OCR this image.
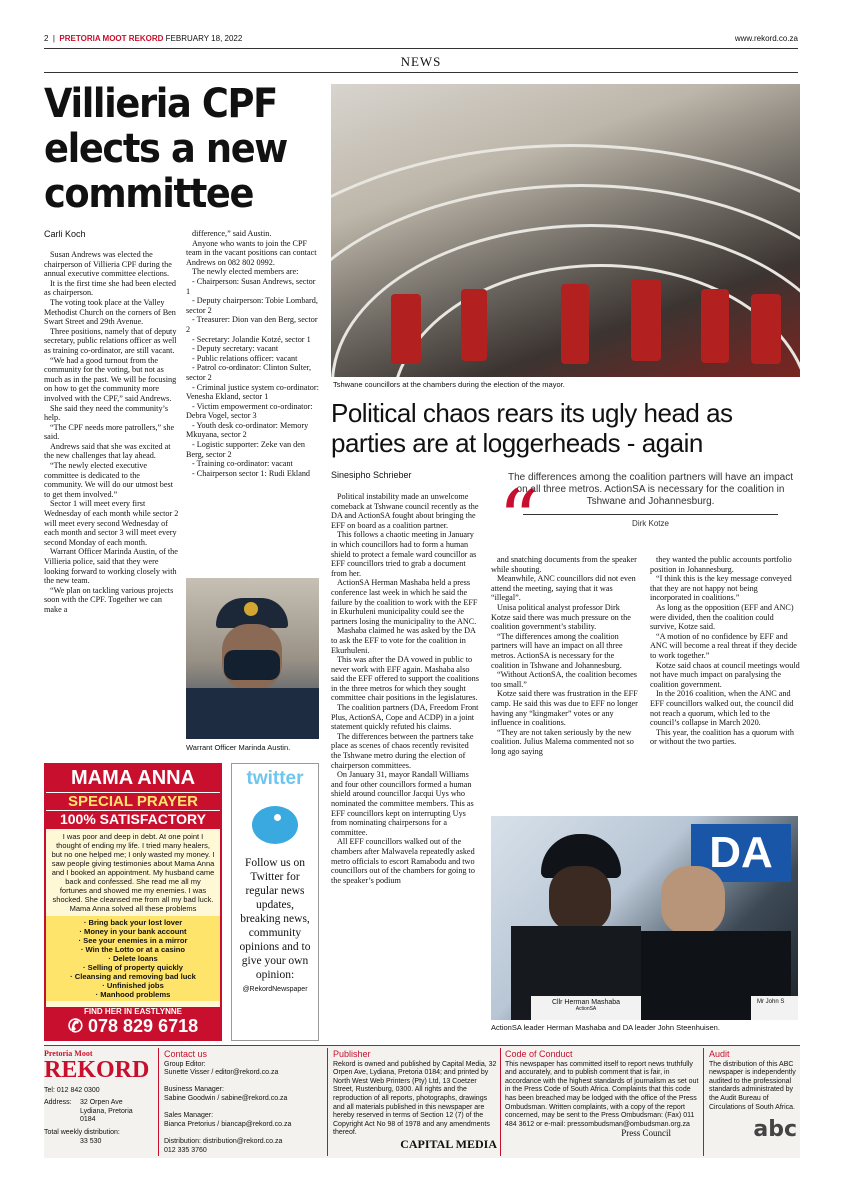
2  |  PRETORIA MOOT REKORD FEBRUARY 18, 2022	www.rekord.co.za
NEWS
Villieria CPF elects a new committee
Carli Koch

Susan Andrews was elected the chairperson of Villieria CPF during the annual executive committee elections.

It is the first time she had been elected as chairperson.

The voting took place at the Valley Methodist Church on the corners of Ben Swart Street and 29th Avenue.

Three positions, namely that of deputy secretary, public relations officer as well as training co-ordinator, are still vacant.

“We had a good turnout from the community for the voting, but not as much as in the past. We will be focusing on how to get the community more involved with the CPF,” said Andrews.

She said they need the community’s help.

“The CPF needs more patrollers,” she said.

Andrews said that she was excited at the new challenges that lay ahead.

“The newly elected executive committee is dedicated to the community. We will do our utmost best to get them involved.”

Sector 1 will meet every first Wednesday of each month while sector 2 will meet every second Wednesday of each month and sector 3 will meet every second Monday of each month.

Warrant Officer Marinda Austin, of the Villieria police, said that they were looking forward to working closely with the new team.

“We plan on tackling various projects soon with the CPF. Together we can make a

difference,” said Austin.

Anyone who wants to join the CPF team in the vacant positions can contact Andrews on 082 802 0992.

The newly elected members are:

- Chairperson: Susan Andrews, sector 1

- Deputy chairperson: Tobie Lombard, sector 2

- Treasurer: Dion van den Berg, sector 2

- Secretary: Jolandie Kotzé, sector 1

- Deputy secretary: vacant

- Public relations officer: vacant

- Patrol co-ordinator: Clinton Sulter, sector 2

- Criminal justice system co-ordinator: Venesha Ekland, sector 1

- Victim empowerment co-ordinator: Debra Vogel, sector 3

- Youth desk co-ordinator: Memory Mkuyana, sector 2

- Logistic supporter: Zeke van den Berg, sector 2

- Training co-ordinator: vacant

- Chairperson sector 1: Rudi Ekland

Warrant Officer Marinda Austin.
Tshwane councillors at the chambers during the election of the mayor.
Political chaos rears its ugly head as parties are at loggerheads - again
Sinesipho Schrieber “
The differences among the coalition partners will have an impact on all three metros. ActionSA is necessary for the coalition in Tshwane and Johannesburg.
Dirk Kotze

Political instability made an unwelcome comeback at Tshwane council recently as the DA and ActionSA fought about bringing the EFF on board as a coalition partner.

This follows a chaotic meeting in January in which councillors had to form a human shield to protect a female ward councillor as EFF councillors tried to grab a document from her.

ActionSA Herman Mashaba held a press conference last week in which he said the failure by the coalition to work with the EFF in Ekurhuleni municipality could see the partners losing the municipality to the ANC.

Mashaba claimed he was asked by the DA to ask the EFF to vote for the coalition in Ekurhuleni.

This was after the DA vowed in public to never work with EFF again. Mashaba also said the EFF offered to support the coalitions in the three metros for which they sought committee chair positions in the legislatures.

The coalition partners (DA, Freedom Front Plus, ActionSA, Cope and ACDP) in a joint statement quickly refuted his claims.

The differences between the partners take place as scenes of chaos recently revisited the Tshwane metro during the election of chairperson committees.

On January 31, mayor Randall Williams and four other councillors formed a human shield around councillor Jacqui Uys who nominated the committee members. This as EFF councillors kept on interrupting Uys from nominating chairpersons for a committee.

All EFF councillors walked out of the chambers after Malwavela repeatedly asked metro officials to escort Ramabodu and two councillors out of the chambers for going to the speaker’s podium

and snatching documents from the speaker while shouting.

Meanwhile, ANC councillors did not even attend the meeting, saying that it was “illegal”.

Unisa political analyst professor Dirk Kotze said there was much pressure on the coalition government’s stability.

“The differences among the coalition partners will have an impact on all three metros. ActionSA is necessary for the coalition in Tshwane and Johannesburg.

“Without ActionSA, the coalition becomes too small.”

Kotze said there was frustration in the EFF camp. He said this was due to EFF no longer having any “kingmaker” votes or any influence in coalitions.

“They are not taken seriously by the new coalition. Julius Malema commented not so long ago saying

they wanted the public accounts portfolio position in Johannesburg.

“I think this is the key message conveyed that they are not happy not being incorporated in coalitions.”

As long as the opposition (EFF and ANC) were divided, then the coalition could survive, Kotze said.

“A motion of no confidence by EFF and ANC will become a real threat if they decide to work together.”

Kotze said chaos at council meetings would not have much impact on paralysing the coalition government.

In the 2016 coalition, when the ANC and EFF councillors walked out, the council did not reach a quorum, which led to the council’s collapse in March 2020.

This year, the coalition has a quorum with or without the two parties.

DA
Cllr Herman Mashaba
ActionSA
Mr John S
ActionSA leader Herman Mashaba and DA leader John Steenhuisen.
MAMA ANNA
SPECIAL PRAYER
100% SATISFACTORY
I was poor and deep in debt. At one point I thought of ending my life. I tried many healers, but no one helped me; I only wasted my money. I saw people giving testimonies about Mama Anna and I booked an appointment. My husband came back and confessed. She read me all my fortunes and showed me my enemies. I was shocked. She cleansed me from all my bad luck. Mama Anna solved all these problems
· Bring back your lost lover
· Money in your bank account
· See your enemies in a mirror
· Win the Lotto or at a casino
· Delete loans
· Selling of property quickly
· Cleansing and removing bad luck
· Unfinished jobs
· Manhood problems
FIND HER IN EASTLYNNE
✆ 078 829 6718
twitter
Follow us on Twitter for regular news updates, breaking news, community opinions and to give your own opinion:
@RekordNewspaper
Pretoria Moot
REKORD
Tel: 012 842 0300
Address:	32 Orpen Ave Lydiana, Pretoria 0184
Total weekly distribution:
33 530
Contact us
Group Editor:
Sunette Visser / editor@rekord.co.za
Business Manager:
Sabine Goodwin / sabine@rekord.co.za
Sales Manager:
Bianca Pretorius / biancap@rekord.co.za
Distribution: distribution@rekord.co.za
012 335 3760
Publisher
Rekord is owned and published by Capital Media, 32 Orpen Ave, Lydiana, Pretoria 0184; and printed by North West Web Printers (Pty) Ltd, 13 Coetzer Street, Rustenburg, 0300. All rights and the reproduction of all reports, photographs, drawings and all materials published in this newspaper are hereby reserved in terms of Section 12 (7) of the Copyright Act No 98 of 1978 and any amendments thereof.
CAPITAL MEDIA
Code of Conduct
This newspaper has committed itself to report news truthfully and accurately, and to publish comment that is fair, in accordance with the highest standards of journalism as set out in the Press Code of South Africa. Complaints that this code has been breached may be lodged with the office of the Press Ombudsman. Written complaints, with a copy of the report concerned, may be sent to the Press Ombudsman: (Fax) 011 484 3612 or e-mail: pressombudsman@ombudsman.org.za
Press Council
Audit
The distribution of this ABC newspaper is independently audited to the professional standards administrated by the Audit Bureau of Circulations of South Africa.
abc
